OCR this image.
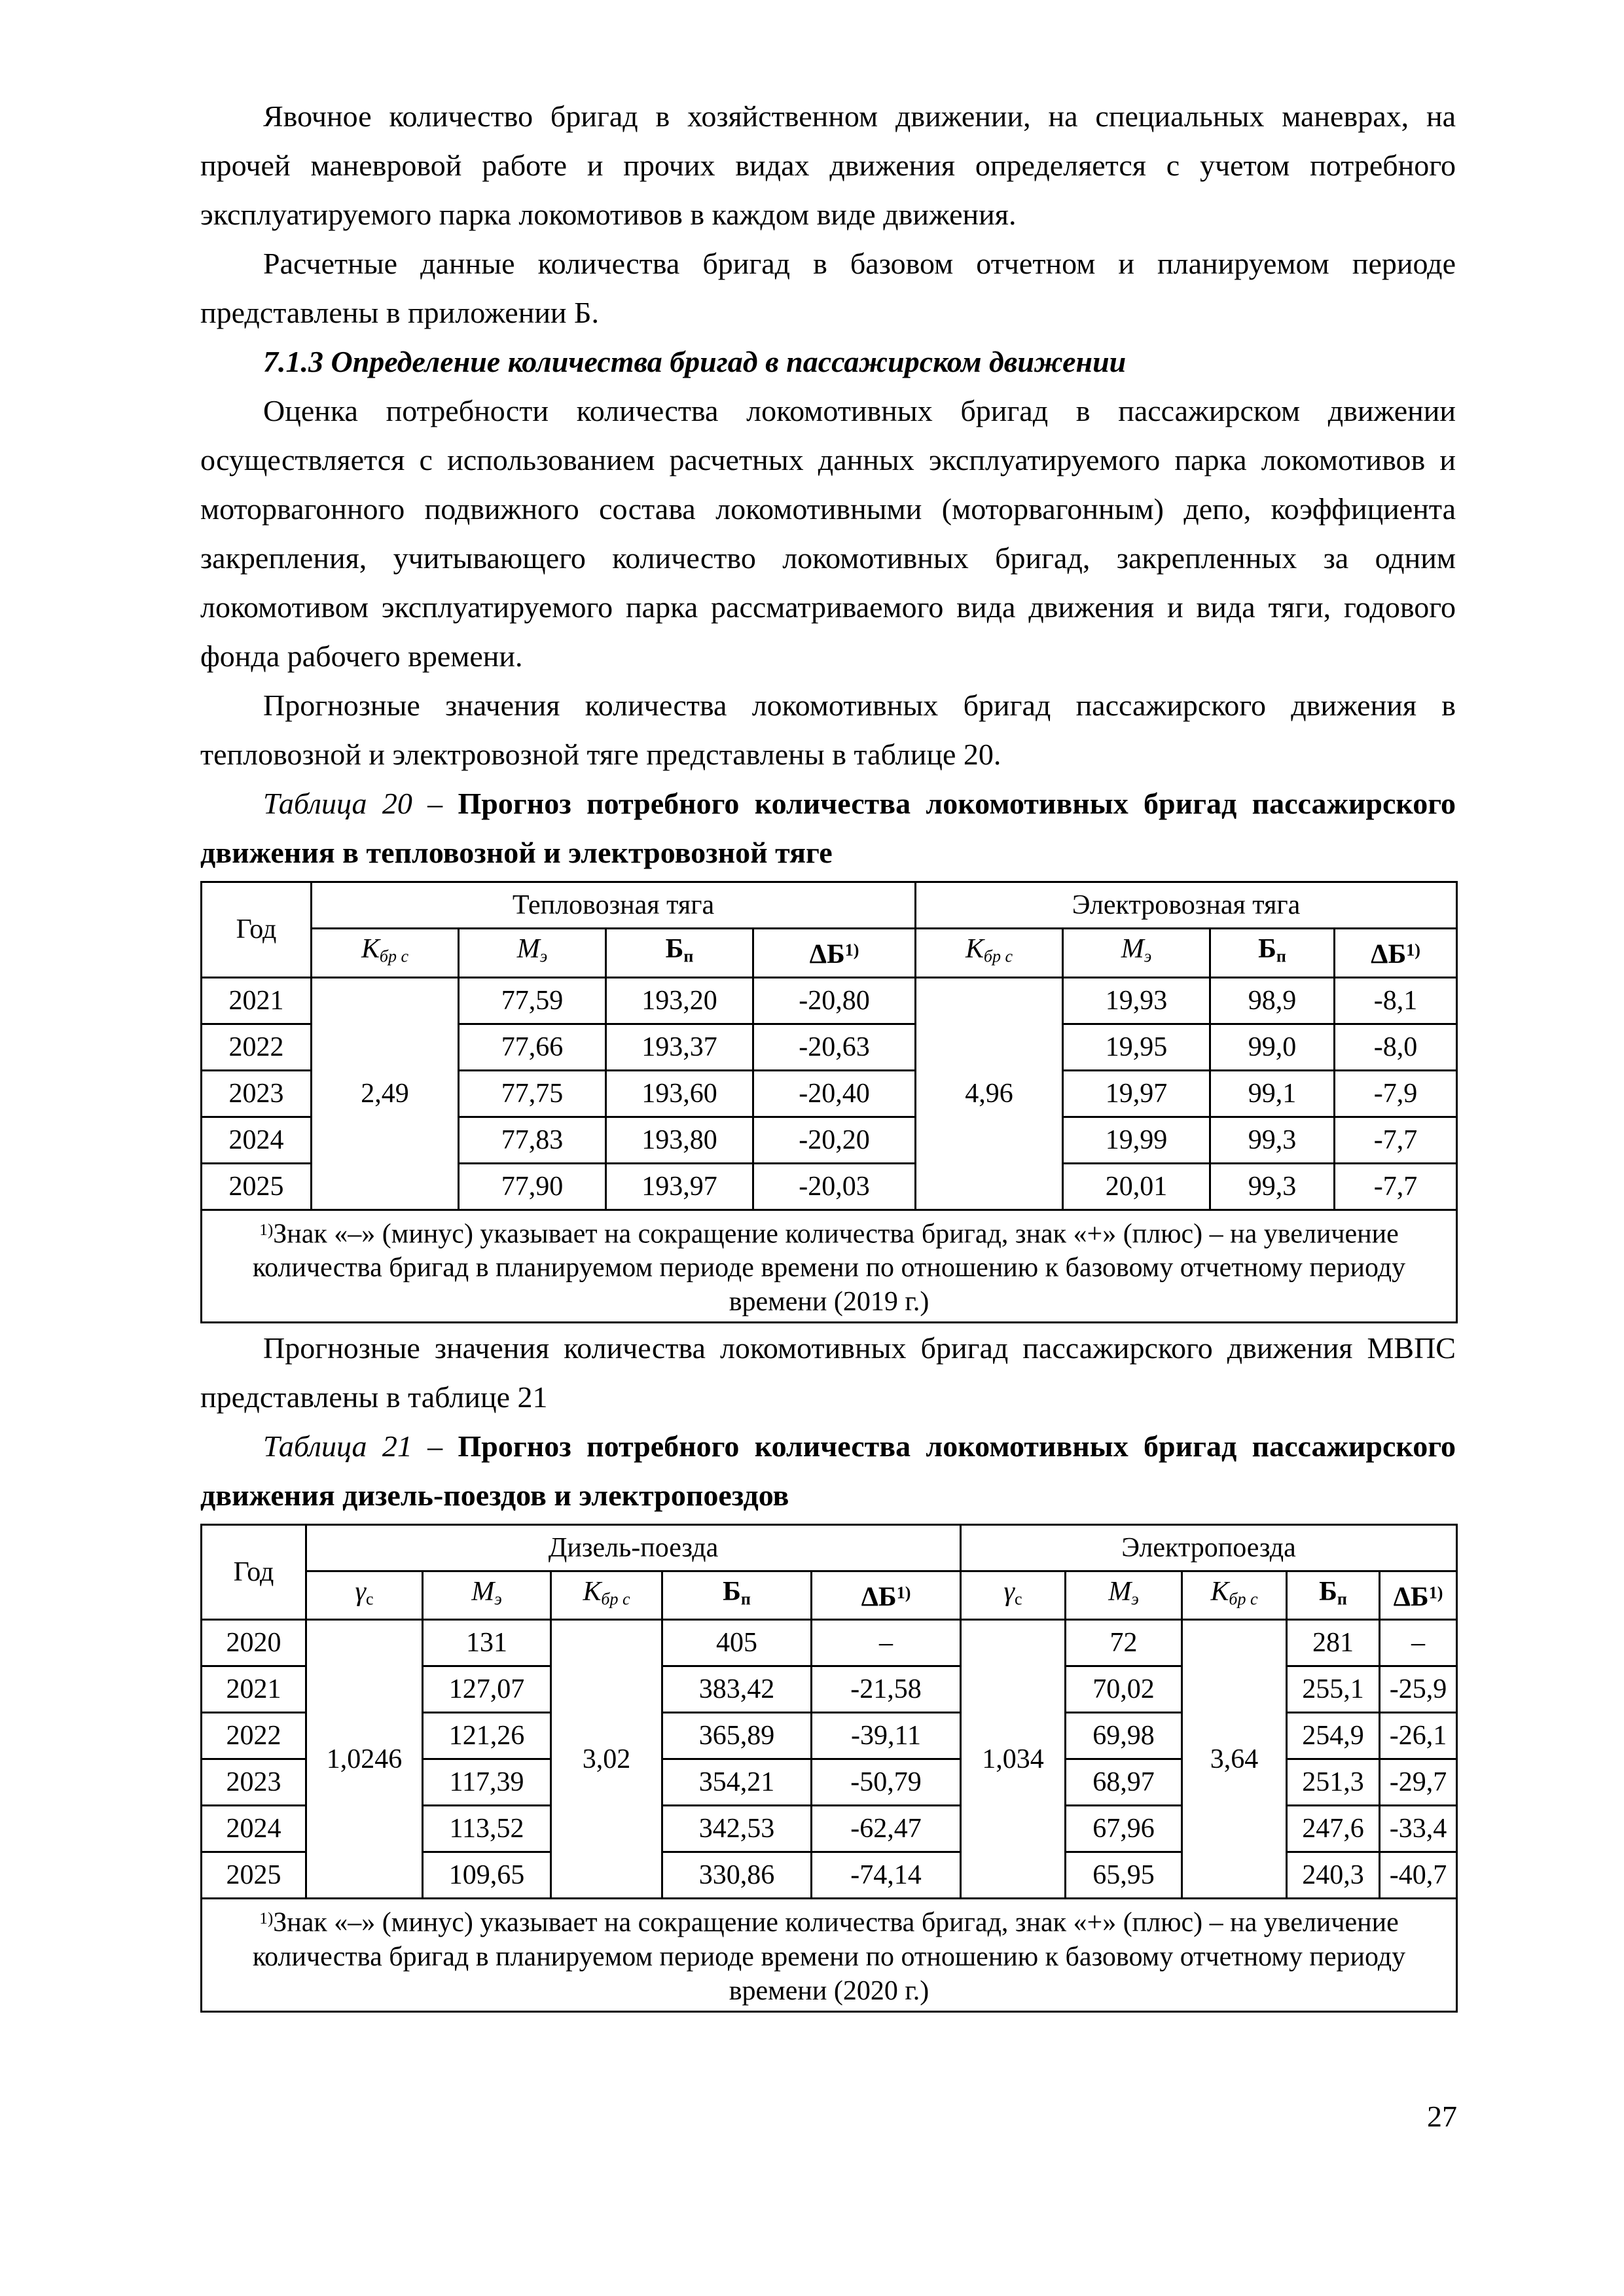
Явочное количество бригад в хозяйственном движении, на специальных маневрах, на прочей маневровой работе и прочих видах движения определяется с учетом потребного эксплуатируемого парка локомотивов в каждом виде движения.

Расчетные данные количества бригад в базовом отчетном и планируемом периоде представлены в приложении Б.

7.1.3 Определение количества бригад в пассажирском движении

Оценка потребности количества локомотивных бригад в пассажирском движении осуществляется с использованием расчетных данных эксплуатируемого парка локомотивов и моторвагонного подвижного состава локомотивными (моторвагонным) депо, коэффициента закрепления, учитывающего количество локомотивных бригад, закрепленных за одним локомотивом эксплуатируемого парка рассматриваемого вида движения и вида тяги, годового фонда рабочего времени.

Прогнозные значения количества локомотивных бригад пассажирского движения в тепловозной и электровозной тяге представлены в таблице 20.

Таблица 20 – Прогноз потребного количества локомотивных бригад пассажирского движения в тепловозной и электровозной тяге

Год	Тепловозная тяга				Электровозная тяга			
	$К_{бр с}$	$М_э$	$Б_п$	ΔБ$^{1)}$	$К_{бр с}$	$М_э$	$Б_п$	ΔБ$^{1)}$
2021	2,49	77,59	193,20	-20,80	4,96	19,93	98,9	-8,1
2022		77,66	193,37	-20,63		19,95	99,0	-8,0
2023		77,75	193,60	-20,40		19,97	99,1	-7,9
2024		77,83	193,80	-20,20		19,99	99,3	-7,7
2025		77,90	193,97	-20,03		20,01	99,3	-7,7
$^{1)}$Знак «–» (минус) указывает на сокращение количества бригад, знак «+» (плюс) – на увеличение количества бригад в планируемом периоде времени по отношению к базовому отчетному периоду времени (2019 г.)								

Прогнозные значения количества локомотивных бригад пассажирского движения МВПС представлены в таблице 21

Таблица 21 – Прогноз потребного количества локомотивных бригад пассажирского движения дизель-поездов и электропоездов

Год	Дизель-поезда					Электропоезда				
	$\gamma_с$	$М_э$	$К_{бр с}$	$Б_п$	ΔБ$^{1)}$	$\gamma_с$	$М_э$	$К_{бр с}$	$Б_п$	ΔБ$^{1)}$
2020	1,0246	131	3,02	405	–	1,034	72	3,64	281	–
2021		127,07		383,42	-21,58		70,02		255,1	-25,9
2022		121,26		365,89	-39,11		69,98		254,9	-26,1
2023		117,39		354,21	-50,79		68,97		251,3	-29,7
2024		113,52		342,53	-62,47		67,96		247,6	-33,4
2025		109,65		330,86	-74,14		65,95		240,3	-40,7
$^{1)}$Знак «–» (минус) указывает на сокращение количества бригад, знак «+» (плюс) – на увеличение количества бригад в планируемом периоде времени по отношению к базовому отчетному периоду времени (2020 г.)										
27
